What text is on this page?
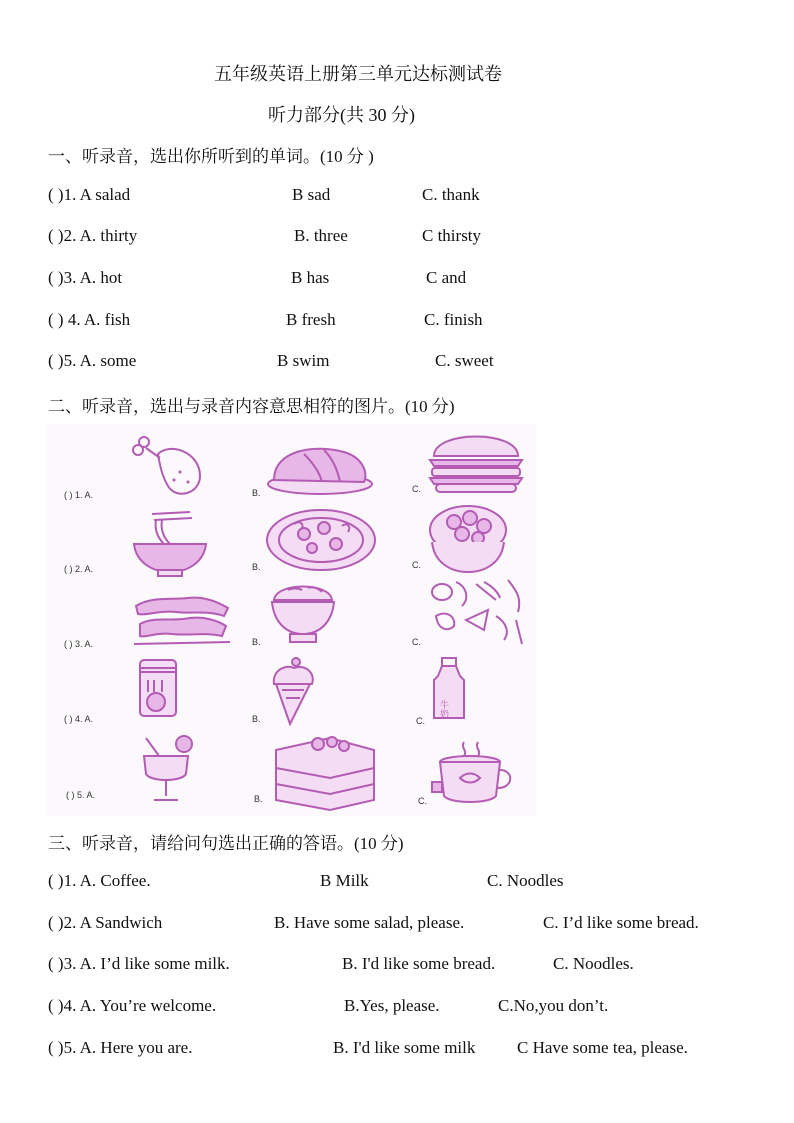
五年级英语上册第三单元达标测试卷
听力部分(共 30 分)
一、听录音，选出你所听到的单词。(10 分 )
( )1. A salad	B sad	C. thank
( )2. A. thirty	B. three	C thirsty
( )3. A. hot	B has	C and
( ) 4. A. fish	B fresh	C. finish
( )5. A. some	B swim	C. sweet
二、听录音，选出与录音内容意思相符的图片。(10 分)
( ) 1. A.	B.	C.
( ) 2. A.	B.	C.
( ) 3. A.	B.	C.
( ) 4. A.	B.	C.
( ) 5. A.	B.	C.
牛奶
三、听录音，请给问句选出正确的答语。(10 分)
( )1. A. Coffee.	B Milk	C. Noodles
( )2. A Sandwich	B. Have some salad, please.	C. I’d like some bread.
( )3. A. I’d like some milk.	B. I'd like some bread.	C. Noodles.
( )4. A. You’re welcome.	B.Yes, please.	C.No,you don’t.
( )5. A. Here you are.	B. I'd like some milk C Have some tea, please.
